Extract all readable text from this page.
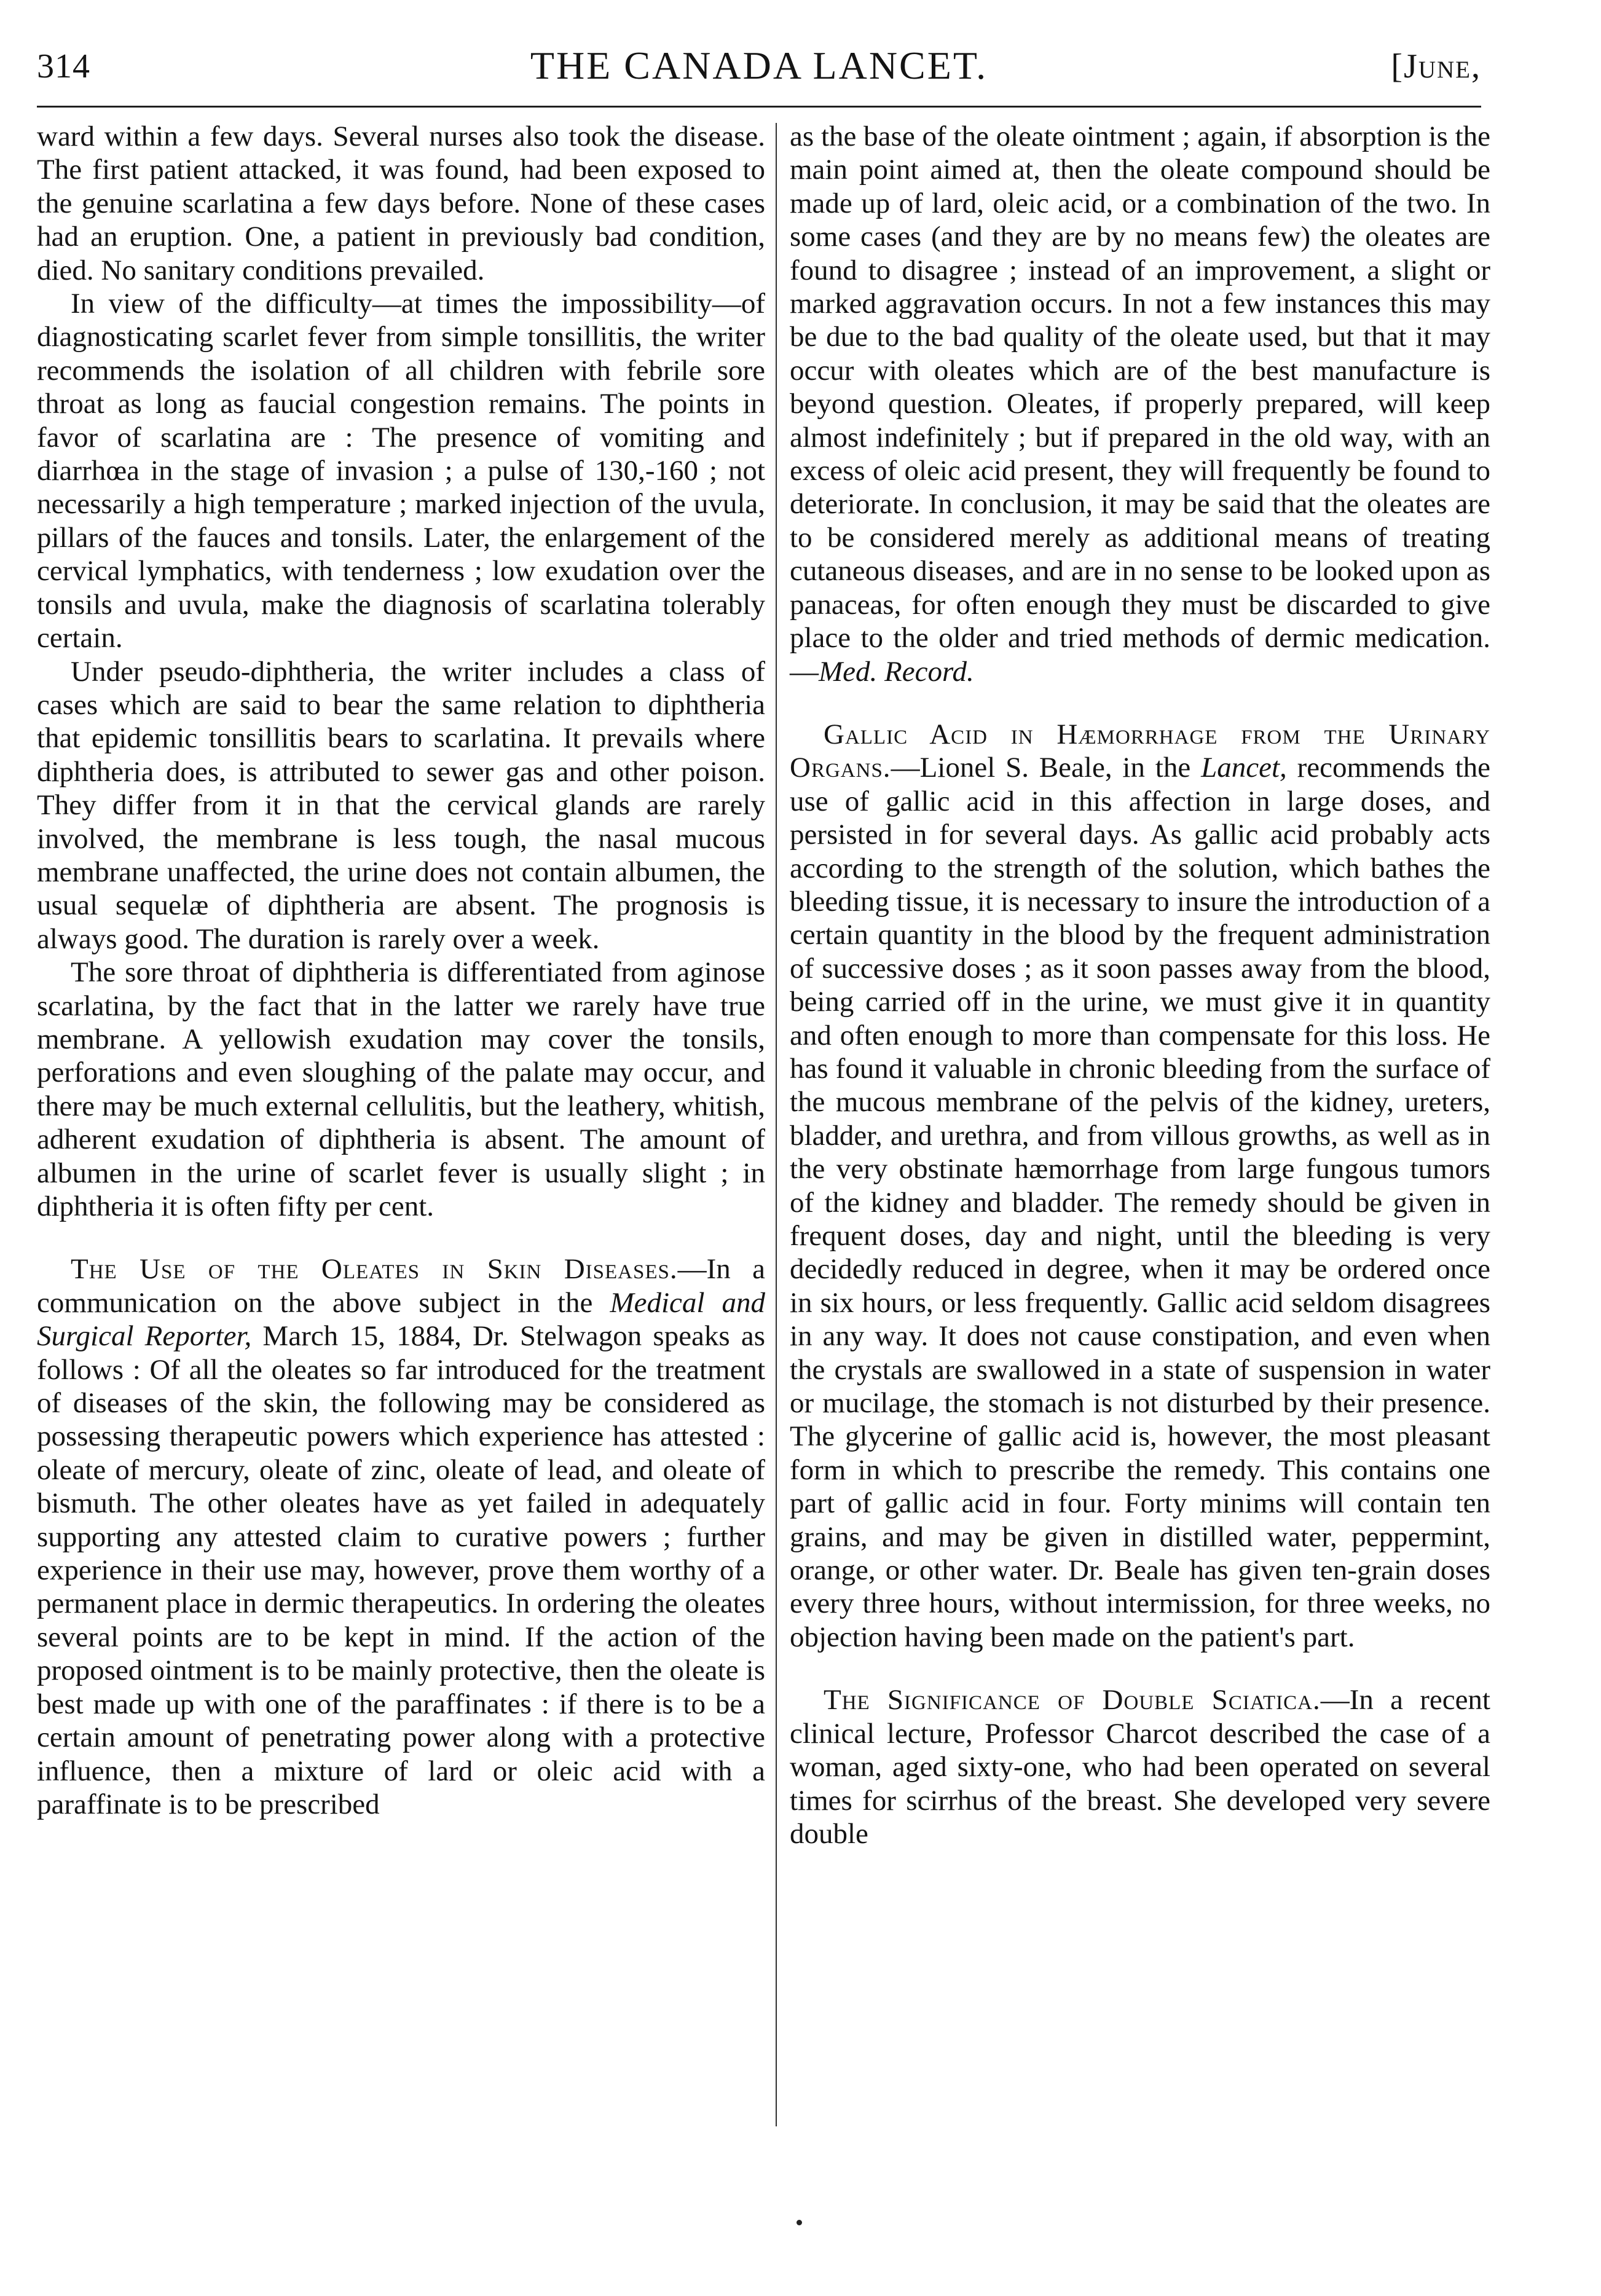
314	THE CANADA LANCET.	[June,

ward within a few days. Several nurses also took the disease. The first patient attacked, it was found, had been exposed to the genuine scarlatina a few days before. None of these cases had an eruption. One, a patient in previously bad condition, died. No sanitary conditions prevailed.

In view of the difficulty—at times the impossibility—of diagnosticating scarlet fever from simple tonsillitis, the writer recommends the isolation of all children with febrile sore throat as long as faucial congestion remains. The points in favor of scarlatina are : The presence of vomiting and diarrhœa in the stage of invasion ; a pulse of 130,-160 ; not necessarily a high temperature ; marked injection of the uvula, pillars of the fauces and tonsils. Later, the enlargement of the cervical lymphatics, with tenderness ; low exudation over the tonsils and uvula, make the diagnosis of scarlatina tolerably certain.

Under pseudo-diphtheria, the writer includes a class of cases which are said to bear the same relation to diphtheria that epidemic tonsillitis bears to scarlatina. It prevails where diphtheria does, is attributed to sewer gas and other poison. They differ from it in that the cervical glands are rarely involved, the membrane is less tough, the nasal mucous membrane unaffected, the urine does not contain albumen, the usual sequelæ of diphtheria are absent. The prognosis is always good. The duration is rarely over a week.

The sore throat of diphtheria is differentiated from aginose scarlatina, by the fact that in the latter we rarely have true membrane. A yellowish exudation may cover the tonsils, perforations and even sloughing of the palate may occur, and there may be much external cellulitis, but the leathery, whitish, adherent exudation of diphtheria is absent. The amount of albumen in the urine of scarlet fever is usually slight ; in diphtheria it is often fifty per cent.

The Use of the Oleates in Skin Diseases.—In a communication on the above subject in the Medical and Surgical Reporter, March 15, 1884, Dr. Stelwagon speaks as follows : Of all the oleates so far introduced for the treatment of diseases of the skin, the following may be considered as possessing therapeutic powers which experience has attested : oleate of mercury, oleate of zinc, oleate of lead, and oleate of bismuth. The other oleates have as yet failed in adequately supporting any attested claim to curative powers ; further experience in their use may, however, prove them worthy of a permanent place in dermic therapeutics. In ordering the oleates several points are to be kept in mind. If the action of the proposed ointment is to be mainly protective, then the oleate is best made up with one of the paraffinates : if there is to be a certain amount of penetrating power along with a protective influence, then a mixture of lard or oleic acid with a paraffinate is to be prescribed

as the base of the oleate ointment ; again, if absorption is the main point aimed at, then the oleate compound should be made up of lard, oleic acid, or a combination of the two. In some cases (and they are by no means few) the oleates are found to disagree ; instead of an improvement, a slight or marked aggravation occurs. In not a few instances this may be due to the bad quality of the oleate used, but that it may occur with oleates which are of the best manufacture is beyond question. Oleates, if properly prepared, will keep almost indefinitely ; but if prepared in the old way, with an excess of oleic acid present, they will frequently be found to deteriorate. In conclusion, it may be said that the oleates are to be considered merely as additional means of treating cutaneous diseases, and are in no sense to be looked upon as panaceas, for often enough they must be discarded to give place to the older and tried methods of dermic medication.—Med. Record.

Gallic Acid in Hæmorrhage from the Urinary Organs.—Lionel S. Beale, in the Lancet, recommends the use of gallic acid in this affection in large doses, and persisted in for several days. As gallic acid probably acts according to the strength of the solution, which bathes the bleeding tissue, it is necessary to insure the introduction of a certain quantity in the blood by the frequent administration of successive doses ; as it soon passes away from the blood, being carried off in the urine, we must give it in quantity and often enough to more than compensate for this loss. He has found it valuable in chronic bleeding from the surface of the mucous membrane of the pelvis of the kidney, ureters, bladder, and urethra, and from villous growths, as well as in the very obstinate hæmorrhage from large fungous tumors of the kidney and bladder. The remedy should be given in frequent doses, day and night, until the bleeding is very decidedly reduced in degree, when it may be ordered once in six hours, or less frequently. Gallic acid seldom disagrees in any way. It does not cause constipation, and even when the crystals are swallowed in a state of suspension in water or mucilage, the stomach is not disturbed by their presence. The glycerine of gallic acid is, however, the most pleasant form in which to prescribe the remedy. This contains one part of gallic acid in four. Forty minims will contain ten grains, and may be given in distilled water, peppermint, orange, or other water. Dr. Beale has given ten-grain doses every three hours, without intermission, for three weeks, no objection having been made on the patient's part.

The Significance of Double Sciatica.—In a recent clinical lecture, Professor Charcot described the case of a woman, aged sixty-one, who had been operated on several times for scirrhus of the breast. She developed very severe double
